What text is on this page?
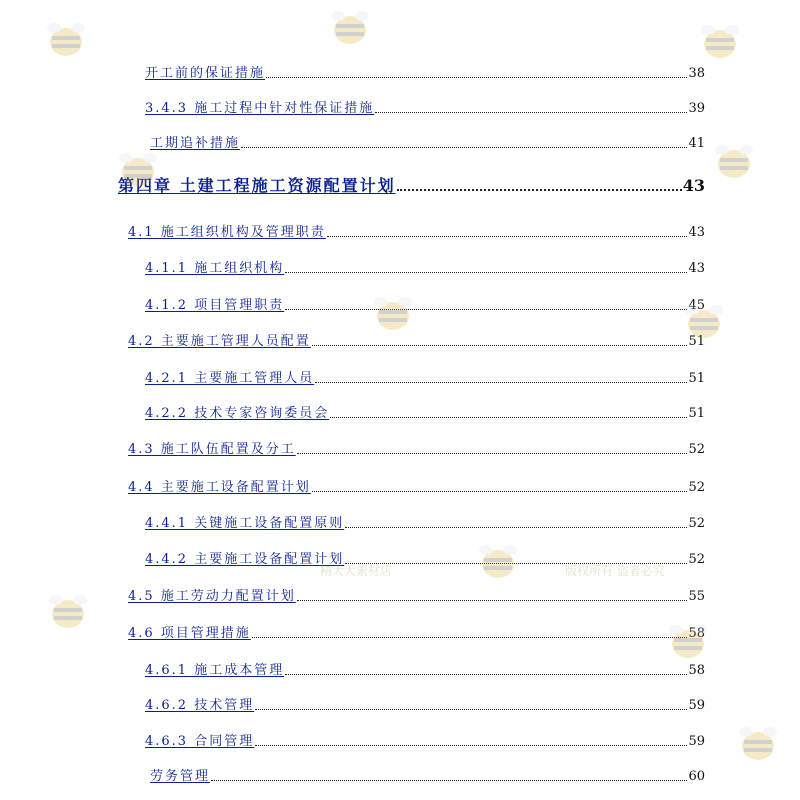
开工前的保证措施	38
3.4.3 施工过程中针对性保证措施	39
工期追补措施	41
第四章 土建工程施工资源配置计划	43
4.1 施工组织机构及管理职责	43
4.1.1 施工组织机构	43
4.1.2 项目管理职责	45
4.2 主要施工管理人员配置	51
4.2.1 主要施工管理人员	51
4.2.2 技术专家咨询委员会	51
4.3 施工队伍配置及分工	52
4.4 主要施工设备配置计划	52
4.4.1 关键施工设备配置原则	52
4.4.2 主要施工设备配置计划	52
4.5 施工劳动力配置计划	55
4.6 项目管理措施	58
4.6.1 施工成本管理	58
4.6.2 技术管理	59
4.6.3 合同管理	59
劳务管理	60
版权所有 盗者必究
精大大素材店
